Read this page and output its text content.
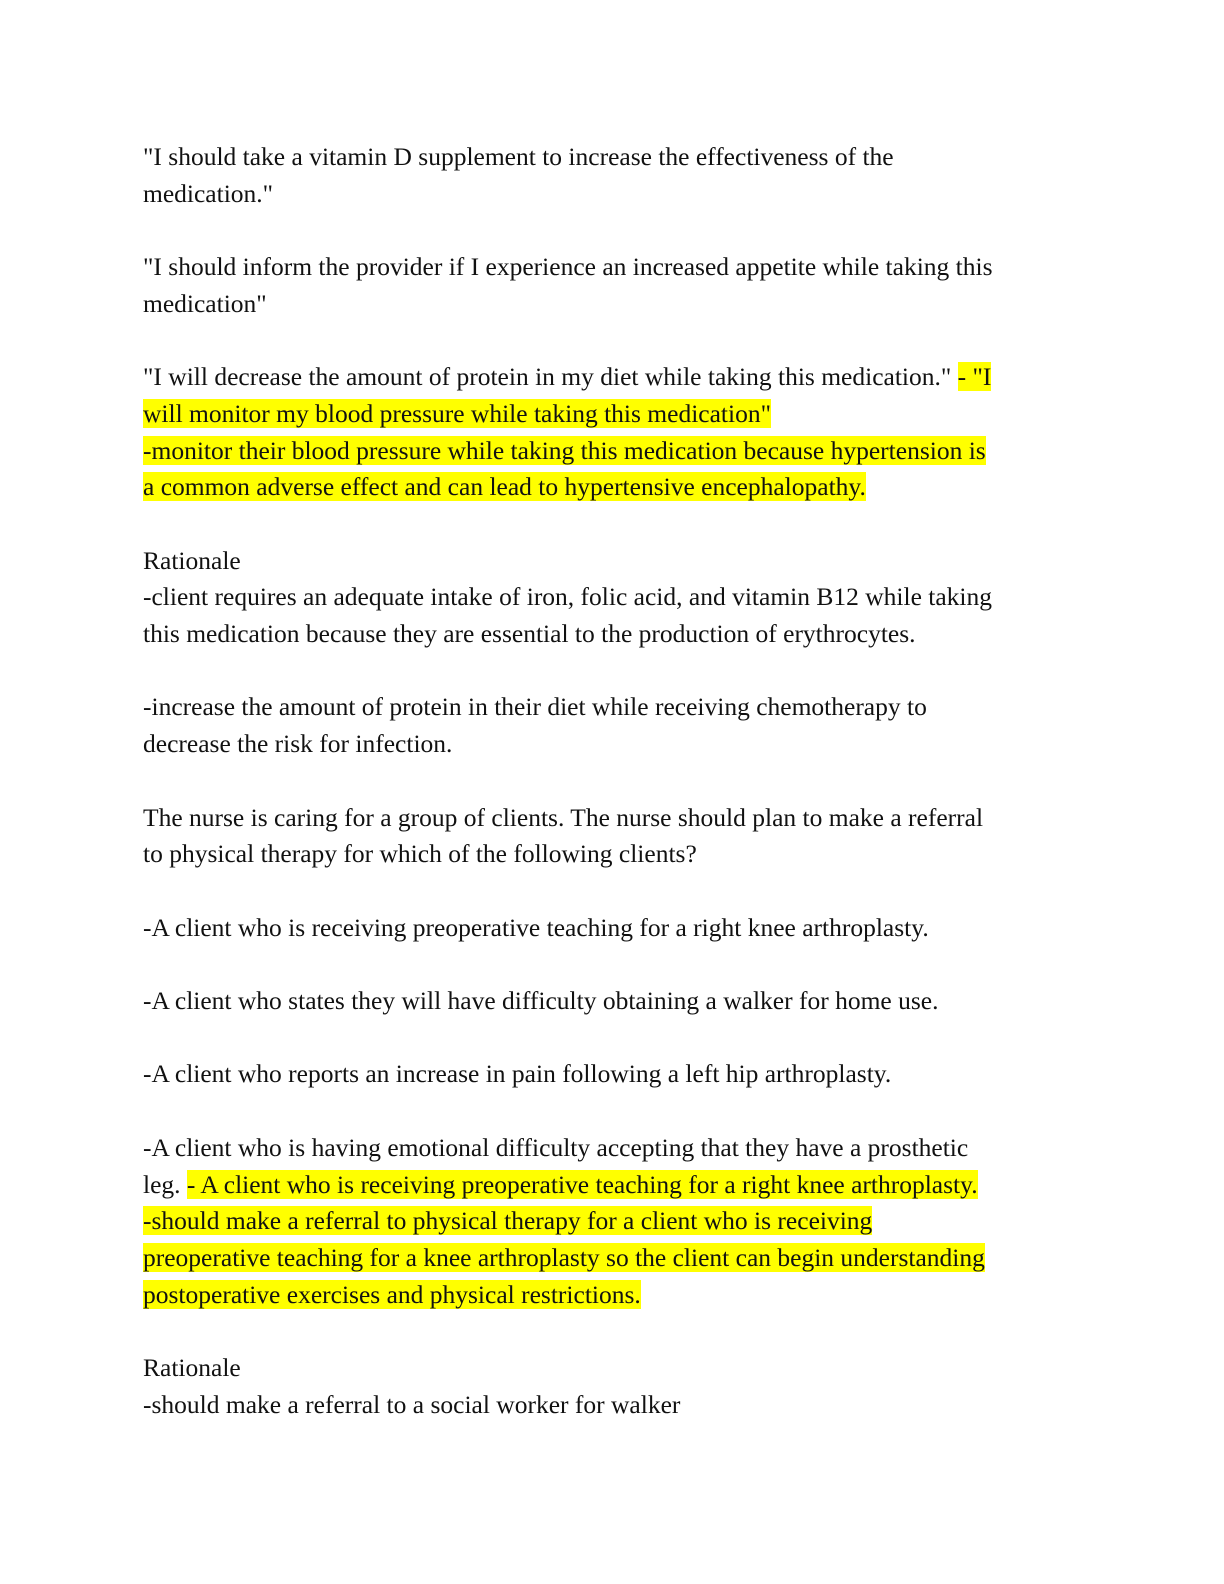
"I should take a vitamin D supplement to increase the effectiveness of the
medication."

"I should inform the provider if I experience an increased appetite while taking this
medication"

"I will decrease the amount of protein in my diet while taking this medication." - "I
will monitor my blood pressure while taking this medication"
-monitor their blood pressure while taking this medication because hypertension is
a common adverse effect and can lead to hypertensive encephalopathy.

Rationale
-client requires an adequate intake of iron, folic acid, and vitamin B12 while taking
this medication because they are essential to the production of erythrocytes.

-increase the amount of protein in their diet while receiving chemotherapy to
decrease the risk for infection.

The nurse is caring for a group of clients. The nurse should plan to make a referral
to physical therapy for which of the following clients?

-A client who is receiving preoperative teaching for a right knee arthroplasty.

-A client who states they will have difficulty obtaining a walker for home use.

-A client who reports an increase in pain following a left hip arthroplasty.

-A client who is having emotional difficulty accepting that they have a prosthetic
leg. - A client who is receiving preoperative teaching for a right knee arthroplasty.
-should make a referral to physical therapy for a client who is receiving
preoperative teaching for a knee arthroplasty so the client can begin understanding
postoperative exercises and physical restrictions.

Rationale
-should make a referral to a social worker for walker
